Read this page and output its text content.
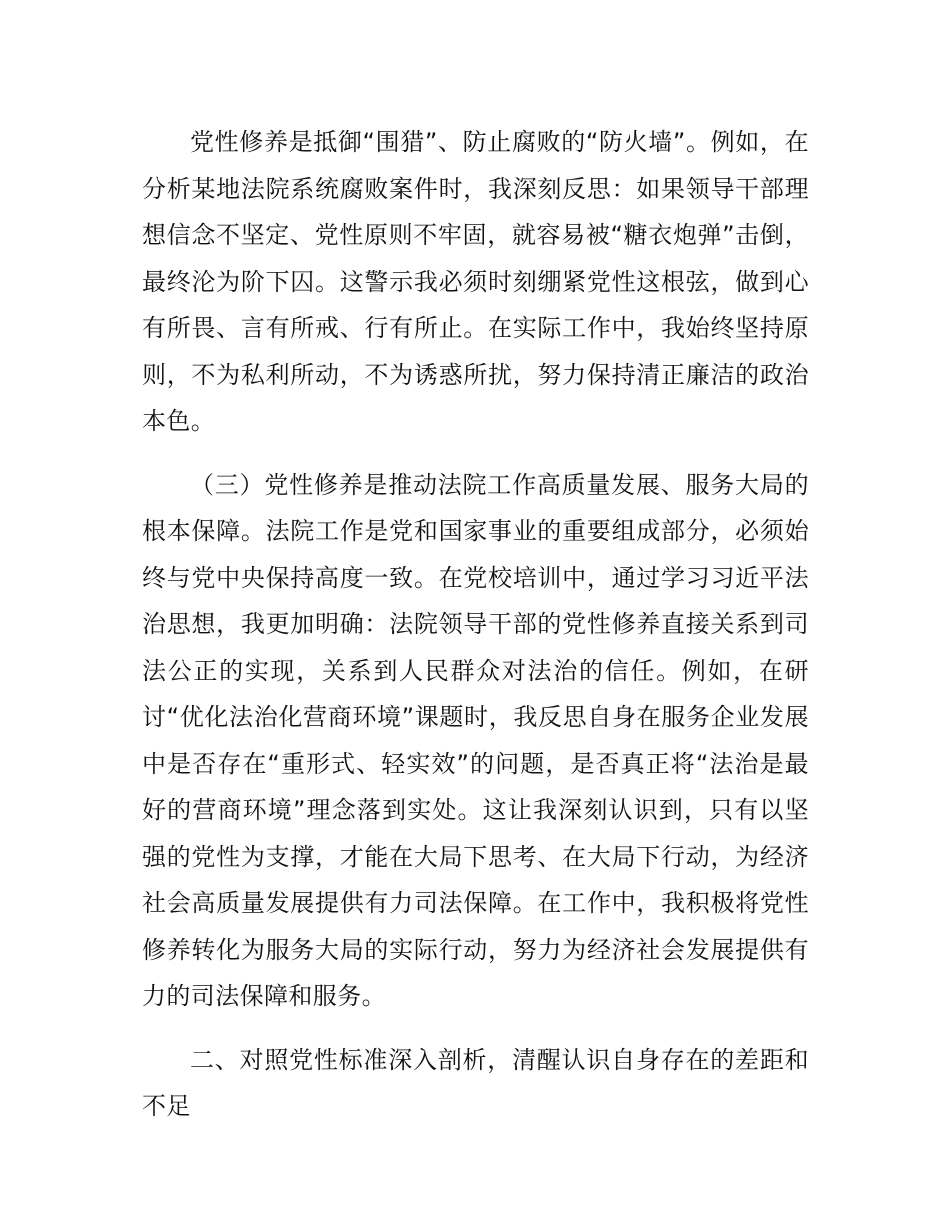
党性修养是抵御“围猎”、防止腐败的“防火墙”。例如，在分析某地法院系统腐败案件时，我深刻反思：如果领导干部理想信念不坚定、党性原则不牢固，就容易被“糖衣炮弹”击倒，最终沦为阶下囚。这警示我必须时刻绷紧党性这根弦，做到心有所畏、言有所戒、行有所止。在实际工作中，我始终坚持原则，不为私利所动，不为诱惑所扰，努力保持清正廉洁的政治本色。

（三）党性修养是推动法院工作高质量发展、服务大局的根本保障。法院工作是党和国家事业的重要组成部分，必须始终与党中央保持高度一致。在党校培训中，通过学习习近平法治思想，我更加明确：法院领导干部的党性修养直接关系到司法公正的实现，关系到人民群众对法治的信任。例如，在研讨“优化法治化营商环境”课题时，我反思自身在服务企业发展中是否存在“重形式、轻实效”的问题，是否真正将“法治是最好的营商环境”理念落到实处。这让我深刻认识到，只有以坚强的党性为支撑，才能在大局下思考、在大局下行动，为经济社会高质量发展提供有力司法保障。在工作中，我积极将党性修养转化为服务大局的实际行动，努力为经济社会发展提供有力的司法保障和服务。

二、对照党性标准深入剖析，清醒认识自身存在的差距和不足
